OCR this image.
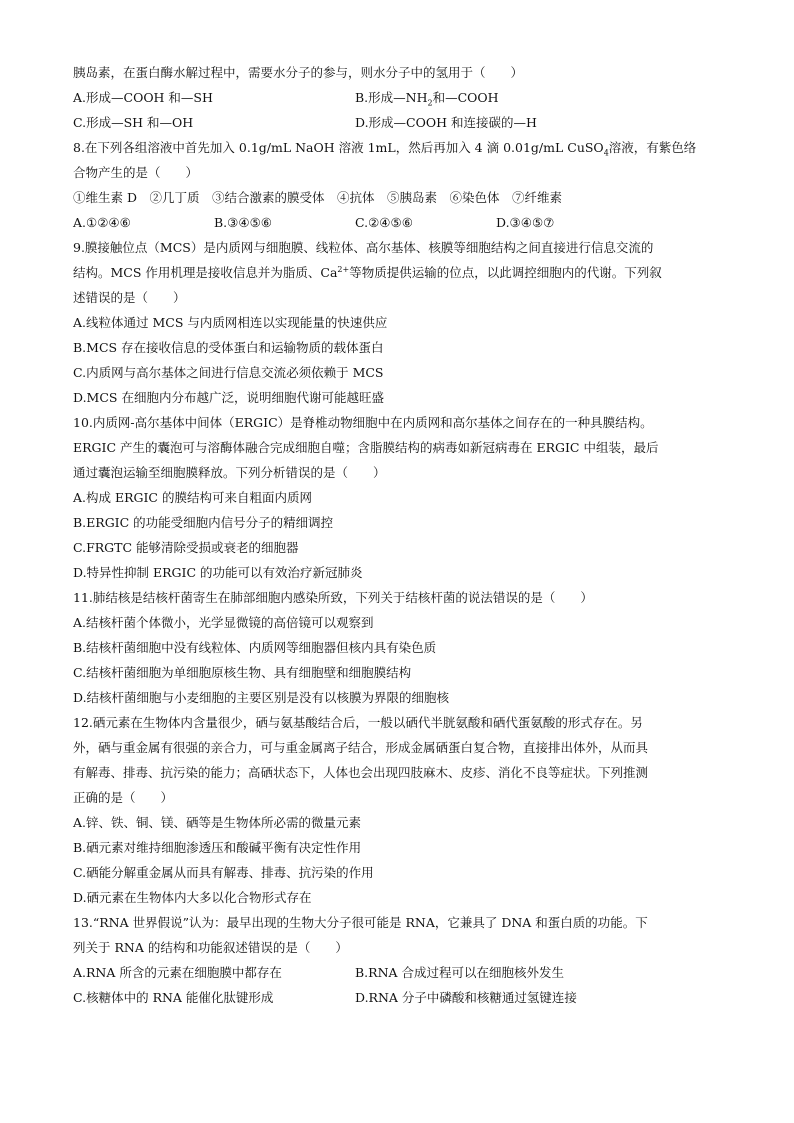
胰岛素，在蛋白酶水解过程中，需要水分子的参与，则水分子中的氢用于（　　）
A.形成—COOH 和—SH	B.形成$—NH_2$和—COOH
C.形成—SH 和—OH	D.形成—COOH 和连接碳的—H
8.在下列各组溶液中首先加入 0.1g/mL NaOH 溶液 1mL，然后再加入 4 滴 0.01g/mL CuSO$_4$溶液，有紫色络
合物产生的是（　　）
①维生素 D　②几丁质　③结合激素的膜受体　④抗体　⑤胰岛素　⑥染色体　⑦纤维素
A.①②④⑥	B.③④⑤⑥	C.②④⑤⑥	D.③④⑤⑦
9.膜接触位点（MCS）是内质网与细胞膜、线粒体、高尔基体、核膜等细胞结构之间直接进行信息交流的
结构。MCS 作用机理是接收信息并为脂质、$Ca^{2+}$等物质提供运输的位点，以此调控细胞内的代谢。下列叙
述错误的是（　　）
A.线粒体通过 MCS 与内质网相连以实现能量的快速供应
B.MCS 存在接收信息的受体蛋白和运输物质的载体蛋白
C.内质网与高尔基体之间进行信息交流必须依赖于 MCS
D.MCS 在细胞内分布越广泛，说明细胞代谢可能越旺盛
10.内质网-高尔基体中间体（ERGIC）是脊椎动物细胞中在内质网和高尔基体之间存在的一种具膜结构。
ERGIC 产生的囊泡可与溶酶体融合完成细胞自噬；含脂膜结构的病毒如新冠病毒在 ERGIC 中组装，最后
通过囊泡运输至细胞膜释放。下列分析错误的是（　　）
A.构成 ERGIC 的膜结构可来自粗面内质网
B.ERGIC 的功能受细胞内信号分子的精细调控
C.FRGTC 能够清除受损或衰老的细胞器
D.特异性抑制 ERGIC 的功能可以有效治疗新冠肺炎
11.肺结核是结核杆菌寄生在肺部细胞内感染所致，下列关于结核杆菌的说法错误的是（　　）
A.结核杆菌个体微小，光学显微镜的高倍镜可以观察到
B.结核杆菌细胞中没有线粒体、内质网等细胞器但核内具有染色质
C.结核杆菌细胞为单细胞原核生物、具有细胞壁和细胞膜结构
D.结核杆菌细胞与小麦细胞的主要区别是没有以核膜为界限的细胞核
12.硒元素在生物体内含量很少，硒与氨基酸结合后，一般以硒代半胱氨酸和硒代蛋氨酸的形式存在。另
外，硒与重金属有很强的亲合力，可与重金属离子结合，形成金属硒蛋白复合物，直接排出体外，从而具
有解毒、排毒、抗污染的能力；高硒状态下，人体也会出现四肢麻木、皮疹、消化不良等症状。下列推测
正确的是（　　）
A.锌、铁、铜、镁、硒等是生物体所必需的微量元素
B.硒元素对维持细胞渗透压和酸碱平衡有决定性作用
C.硒能分解重金属从而具有解毒、排毒、抗污染的作用
D.硒元素在生物体内大多以化合物形式存在
13.“RNA 世界假说”认为：最早出现的生物大分子很可能是 RNA，它兼具了 DNA 和蛋白质的功能。下
列关于 RNA 的结构和功能叙述错误的是（　　）
A.RNA 所含的元素在细胞膜中都存在	B.RNA 合成过程可以在细胞核外发生
C.核糖体中的 RNA 能催化肽键形成	D.RNA 分子中磷酸和核糖通过氢键连接
